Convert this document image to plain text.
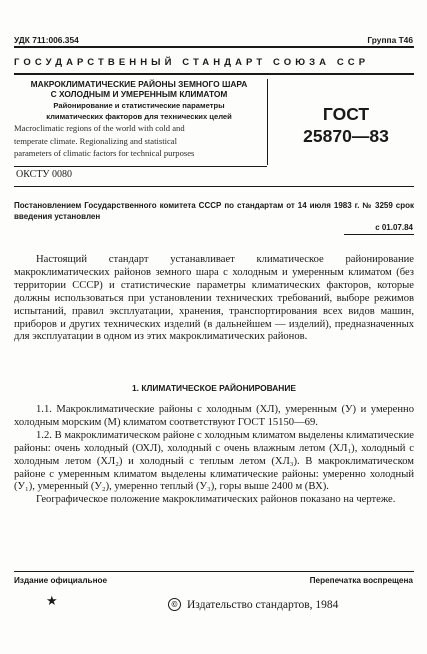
УДК 711:006.354	Группа Т46
ГОСУДАРСТВЕННЫЙ СТАНДАРТ СОЮЗА ССР
МАКРОКЛИМАТИЧЕСКИЕ РАЙОНЫ ЗЕМНОГО ШАРА
С ХОЛОДНЫМ И УМЕРЕННЫМ КЛИМАТОМ
Районирование и статистические параметры
климатических факторов для технических целей
Macroclimatic regions of the world with cold and
temperate climate. Regionalizing and statistical
parameters of climatic factors for technical purposes
ГОСТ
25870—83
ОКСТУ 0080
Постановлением Государственного комитета СССР по стандартам от 14 июля 1983 г. № 3259 срок введения установлен
с 01.07.84

Настоящий стандарт устанавливает климатическое районирование макроклиматических районов земного шара с холодным и умеренным климатом (без территории СССР) и статистические параметры климатических факторов, которые должны использоваться при установлении технических требований, выборе режимов испытаний, правил эксплуатации, хранения, транспортирования всех видов машин, приборов и других технических изделий (в дальнейшем — изделий), предназначенных для эксплуатации в одном из этих макроклиматических районов.

1. КЛИМАТИЧЕСКОЕ РАЙОНИРОВАНИЕ

1.1. Макроклиматические районы с холодным (ХЛ), умеренным (У) и умеренно холодным морским (М) климатом соответствуют ГОСТ 15150—69.

1.2. В макроклиматическом районе с холодным климатом выделены климатические районы: очень холодный (ОХЛ), холодный с очень влажным летом (ХЛ₁), холодный с холодным летом (ХЛ₂) и холодный с теплым летом (ХЛ₃). В макроклиматическом районе с умеренным климатом выделены климатические районы: умеренно холодный (У₁), умеренный (У₂), умеренно теплый (У₃), горы выше 2400 м (ВХ).

Географическое положение макроклиматических районов показано на чертеже.

Издание официальное	Перепечатка воспрещена
★	© Издательство стандартов, 1984
